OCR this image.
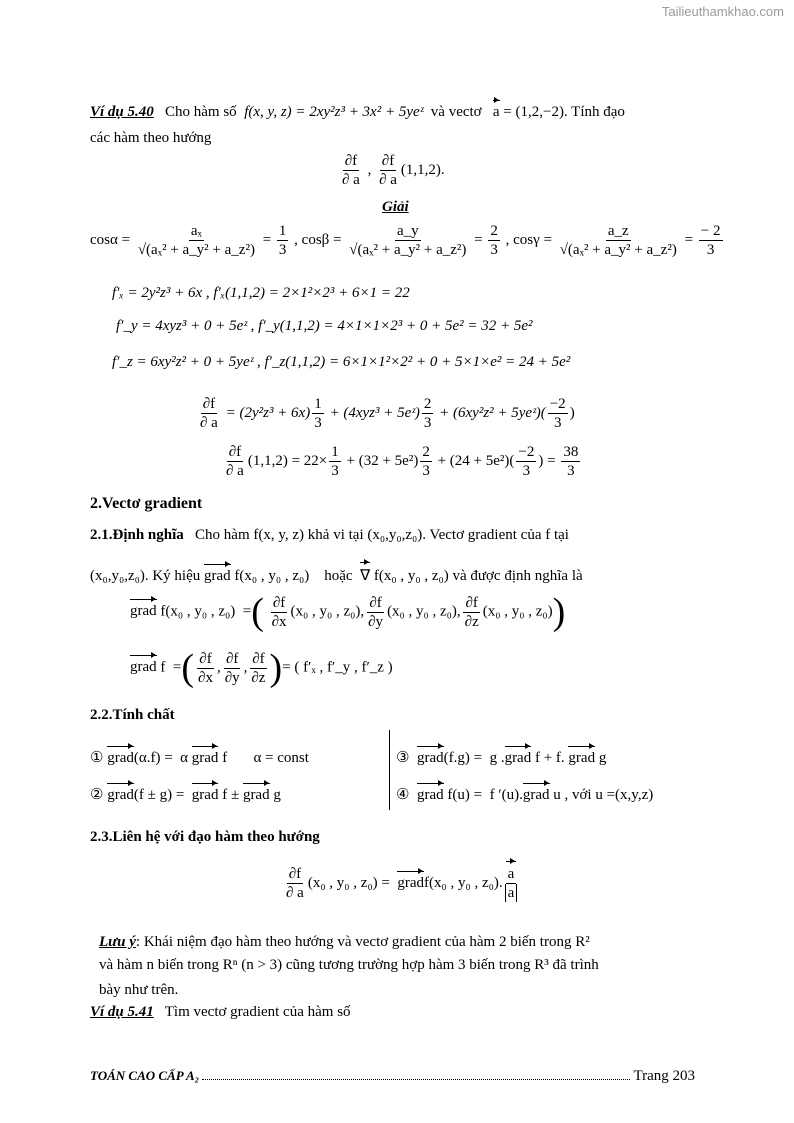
Tailieuthamkhao.com
Ví dụ 5.40 Cho hàm số f(x, y, z) = 2xy²z³ + 3x² + 5yeᶻ và vectơ a = (1,2,−2). Tính đạo
các hàm theo hướng
$\frac{\partial f}{\partial a}$ , $\frac{\partial f}{\partial a} (1,1,2)$.
Giải
$\cos\alpha = \frac{\text{aₓ}}{\text{√(aₓ² + a\_y² + a\_z²)}} = \frac{1}{3}$ , $\cos\beta = \frac{a\_y}{\text{√(aₓ² + a\_y² + a\_z²)}} = \frac{2}{3}$ , $\cos\gamma = \frac{a\_z}{\text{√(aₓ² + a\_y² + a\_z²)}} = \frac{- 2}{3}$
f′ₓ = 2y²z³ + 6x , f′ₓ(1,1,2) = 2×1²×2³ + 6×1 = 22
f′_y = 4xyz³ + 0 + 5eᶻ , f′_y(1,1,2) = 4×1×1×2³ + 0 + 5e² = 32 + 5e²
f′_z = 6xy²z² + 0 + 5yeᶻ , f′_z(1,1,2) = 6×1×1²×2² + 0 + 5×1×e² = 24 + 5e²
$\frac{\partial f}{\partial a} = (2y^2z^3 + 6x) \frac{1}{3} + (4xyz^3$ + 5eᶻ) $\frac{2}{3} + (6xy^2z^2$ + 5yeᶻ)( $\frac{-2}{3}$ )
$\frac{\partial f}{\partial a} (1,1,2) = 22\times \frac{1}{3} + (32 + 5e^2) \frac{2}{3} + (24 + 5e^2)( \frac{-2}{3}$ ) = $\frac{38}{3}$
2.Vectơ gradient
2.1.Định nghĩa Cho hàm f(x, y, z) khả vi tại (x₀,y₀,z₀). Vectơ gradient của f tại
(x₀,y₀,z₀). Ký hiệu grad f(x₀ , y₀ , z₀) hoặc ∇ f(x₀ , y₀ , z₀) và được định nghĩa là
grad f(x₀ , y₀ , z₀) =( $\frac{\partial f}{\partial x} (x_0$ , y₀ , z₀), $\frac{\partial f}{\partial y} (x_0$ , y₀ , z₀), $\frac{\partial f}{\partial z} (x_0$ , y₀ , z₀))
grad f =( $\frac{\partial f}{\partial x}$ , $\frac{\partial f}{\partial y}$ , $\frac{\partial f}{\partial z}$ )= ( f′ₓ , f′_y , f′_z )
2.2.Tính chất
① grad(α.f) = α grad f α = const
② grad(f ± g) = grad f ± grad g
③ grad(f.g) = g .grad f + f. grad g
④ grad f(u) = f ′(u).grad u , với u =(x,y,z)
2.3.Liên hệ với đạo hàm theo hướng
$\frac{\partial f}{\partial a} (x_0$ , y₀ , z₀) = gradf(x₀ , y₀ , z₀). $\frac{a}{a}$
Lưu ý: Khái niệm đạo hàm theo hướng và vectơ gradient của hàm 2 biến trong R²
và hàm n biến trong Rⁿ (n > 3) cũng tương trường hợp hàm 3 biến trong R³ đã trình
bày như trên.
Ví dụ 5.41 Tìm vectơ gradient của hàm số
TOÁN CAO CẤP A₂	Trang 203
